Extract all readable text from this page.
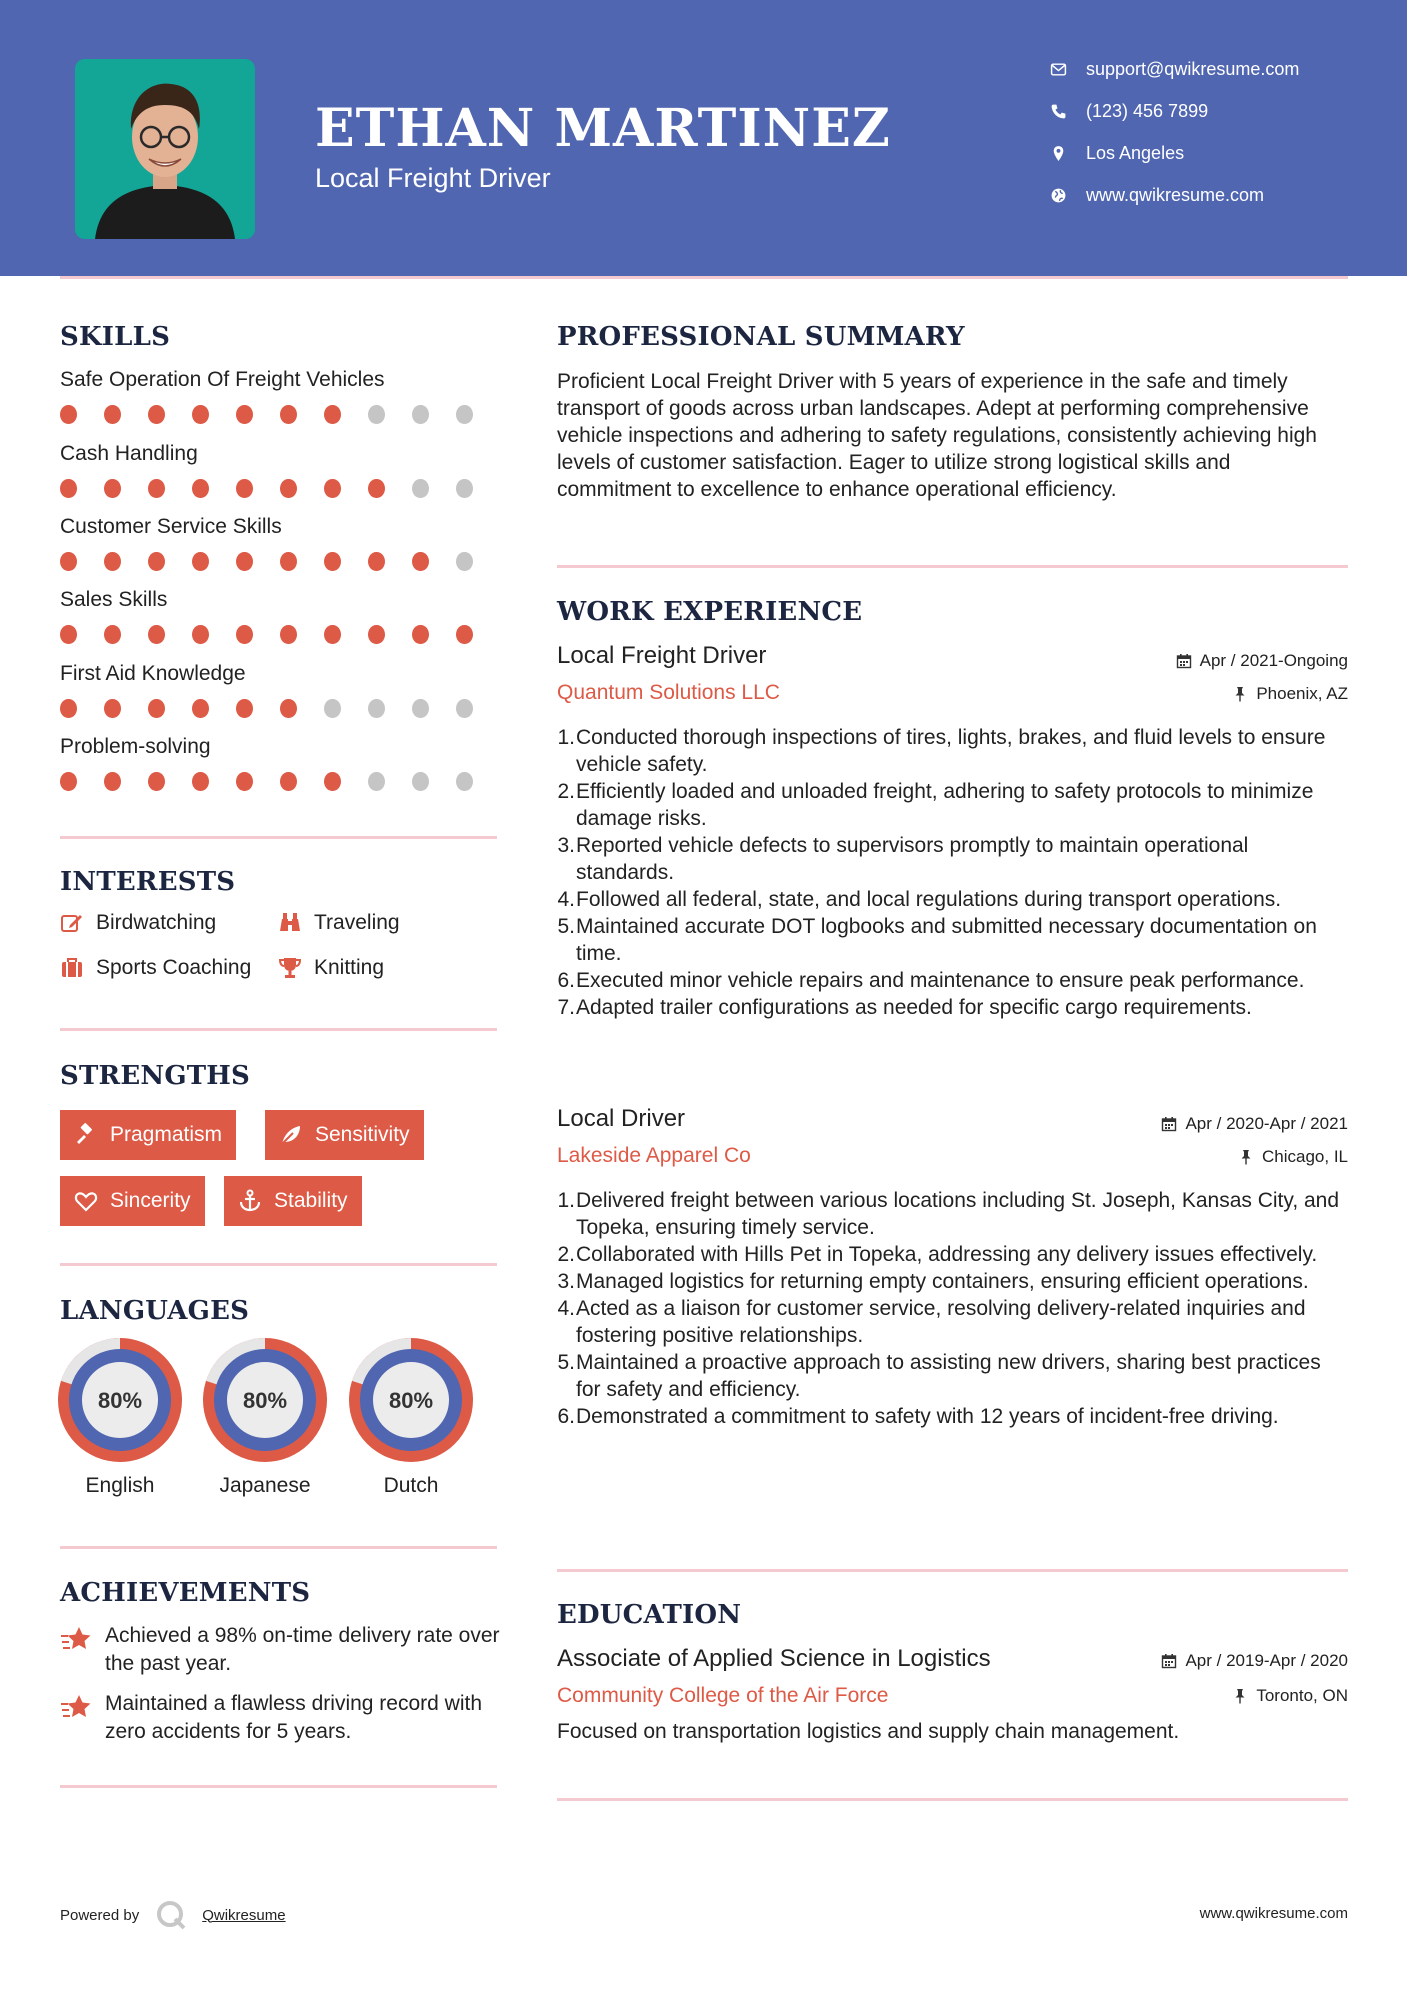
ETHAN MARTINEZ
Local Freight Driver
support@qwikresume.com
(123) 456 7899
Los Angeles
www.qwikresume.com
SKILLS
Safe Operation Of Freight Vehicles
Cash Handling
Customer Service Skills
Sales Skills
First Aid Knowledge
Problem-solving
INTERESTS
Birdwatching	Traveling
Sports Coaching	Knitting
STRENGTHS
Pragmatism	Sensitivity
Sincerity	Stability
LANGUAGES
80%
English
80%
Japanese
80%
Dutch
ACHIEVEMENTS
Achieved a 98% on-time delivery rate over the past year.
Maintained a flawless driving record with zero accidents for 5 years.
PROFESSIONAL SUMMARY
Proficient Local Freight Driver with 5 years of experience in the safe and timely transport of goods across urban landscapes. Adept at performing comprehensive vehicle inspections and adhering to safety regulations, consistently achieving high levels of customer satisfaction. Eager to utilize strong logistical skills and commitment to excellence to enhance operational efficiency.
WORK EXPERIENCE
Local Freight Driver	Apr / 2021-Ongoing
Quantum Solutions LLC	Phoenix, AZ
1. Conducted thorough inspections of tires, lights, brakes, and fluid levels to ensure vehicle safety.
2. Efficiently loaded and unloaded freight, adhering to safety protocols to minimize damage risks.
3. Reported vehicle defects to supervisors promptly to maintain operational standards.
4. Followed all federal, state, and local regulations during transport operations.
5. Maintained accurate DOT logbooks and submitted necessary documentation on time.
6. Executed minor vehicle repairs and maintenance to ensure peak performance.
7. Adapted trailer configurations as needed for specific cargo requirements.
Local Driver	Apr / 2020-Apr / 2021
Lakeside Apparel Co	Chicago, IL
1. Delivered freight between various locations including St. Joseph, Kansas City, and Topeka, ensuring timely service.
2. Collaborated with Hills Pet in Topeka, addressing any delivery issues effectively.
3. Managed logistics for returning empty containers, ensuring efficient operations.
4. Acted as a liaison for customer service, resolving delivery-related inquiries and fostering positive relationships.
5. Maintained a proactive approach to assisting new drivers, sharing best practices for safety and efficiency.
6. Demonstrated a commitment to safety with 12 years of incident-free driving.
EDUCATION
Associate of Applied Science in Logistics	Apr / 2019-Apr / 2020
Community College of the Air Force	Toronto, ON
Focused on transportation logistics and supply chain management.
Powered by	Qwikresume	www.qwikresume.com
